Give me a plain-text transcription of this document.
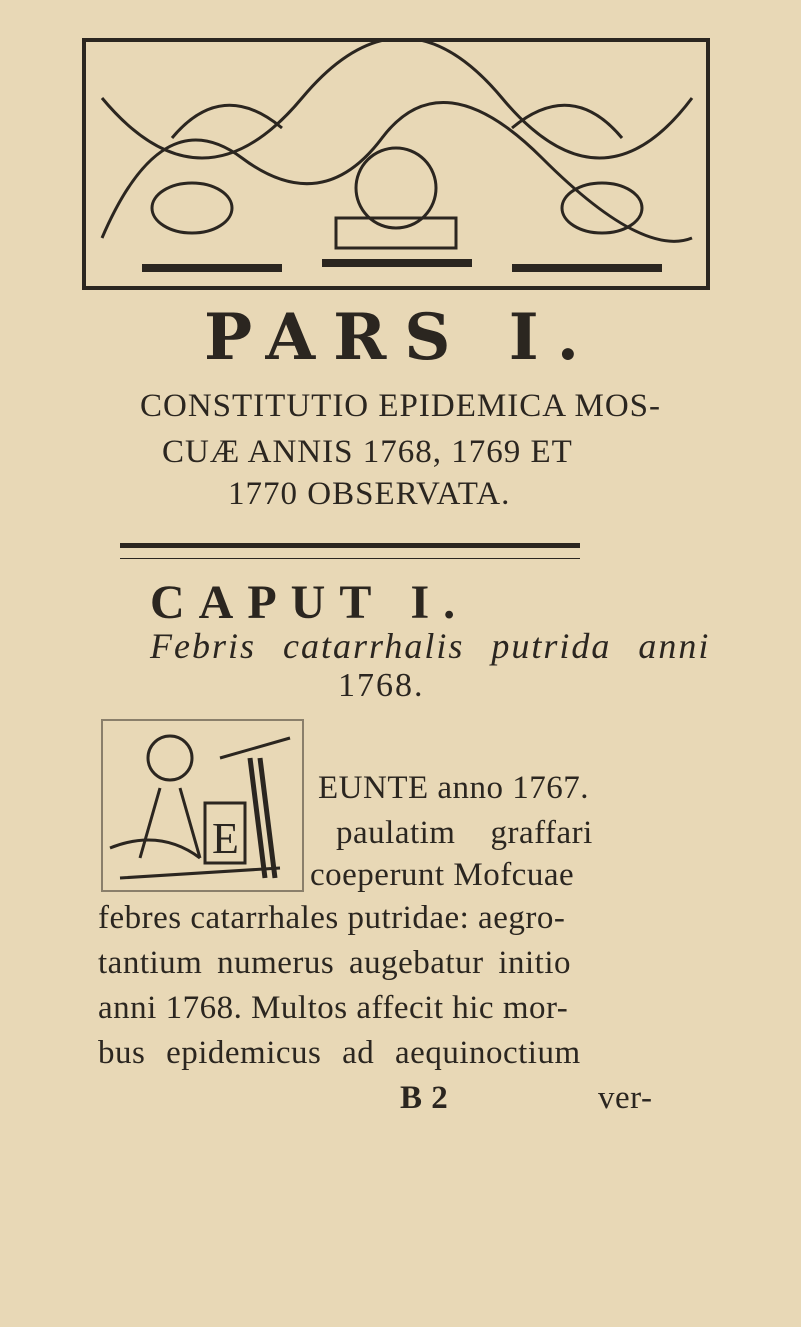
PARS I.
CONSTITUTIO EPIDEMICA MOS-
CUÆ ANNIS 1768, 1769 ET
1770 OBSERVATA.
CAPUT I.
Febris catarrhalis putrida anni
1768.
E
EUNTE anno 1767.
paulatim    graffari
coeperunt Mofcuae
febres catarrhales putridae: aegro-
tantium numerus augebatur initio
anni 1768. Multos affecit hic mor-
bus epidemicus ad aequinoctium
B 2	ver-
